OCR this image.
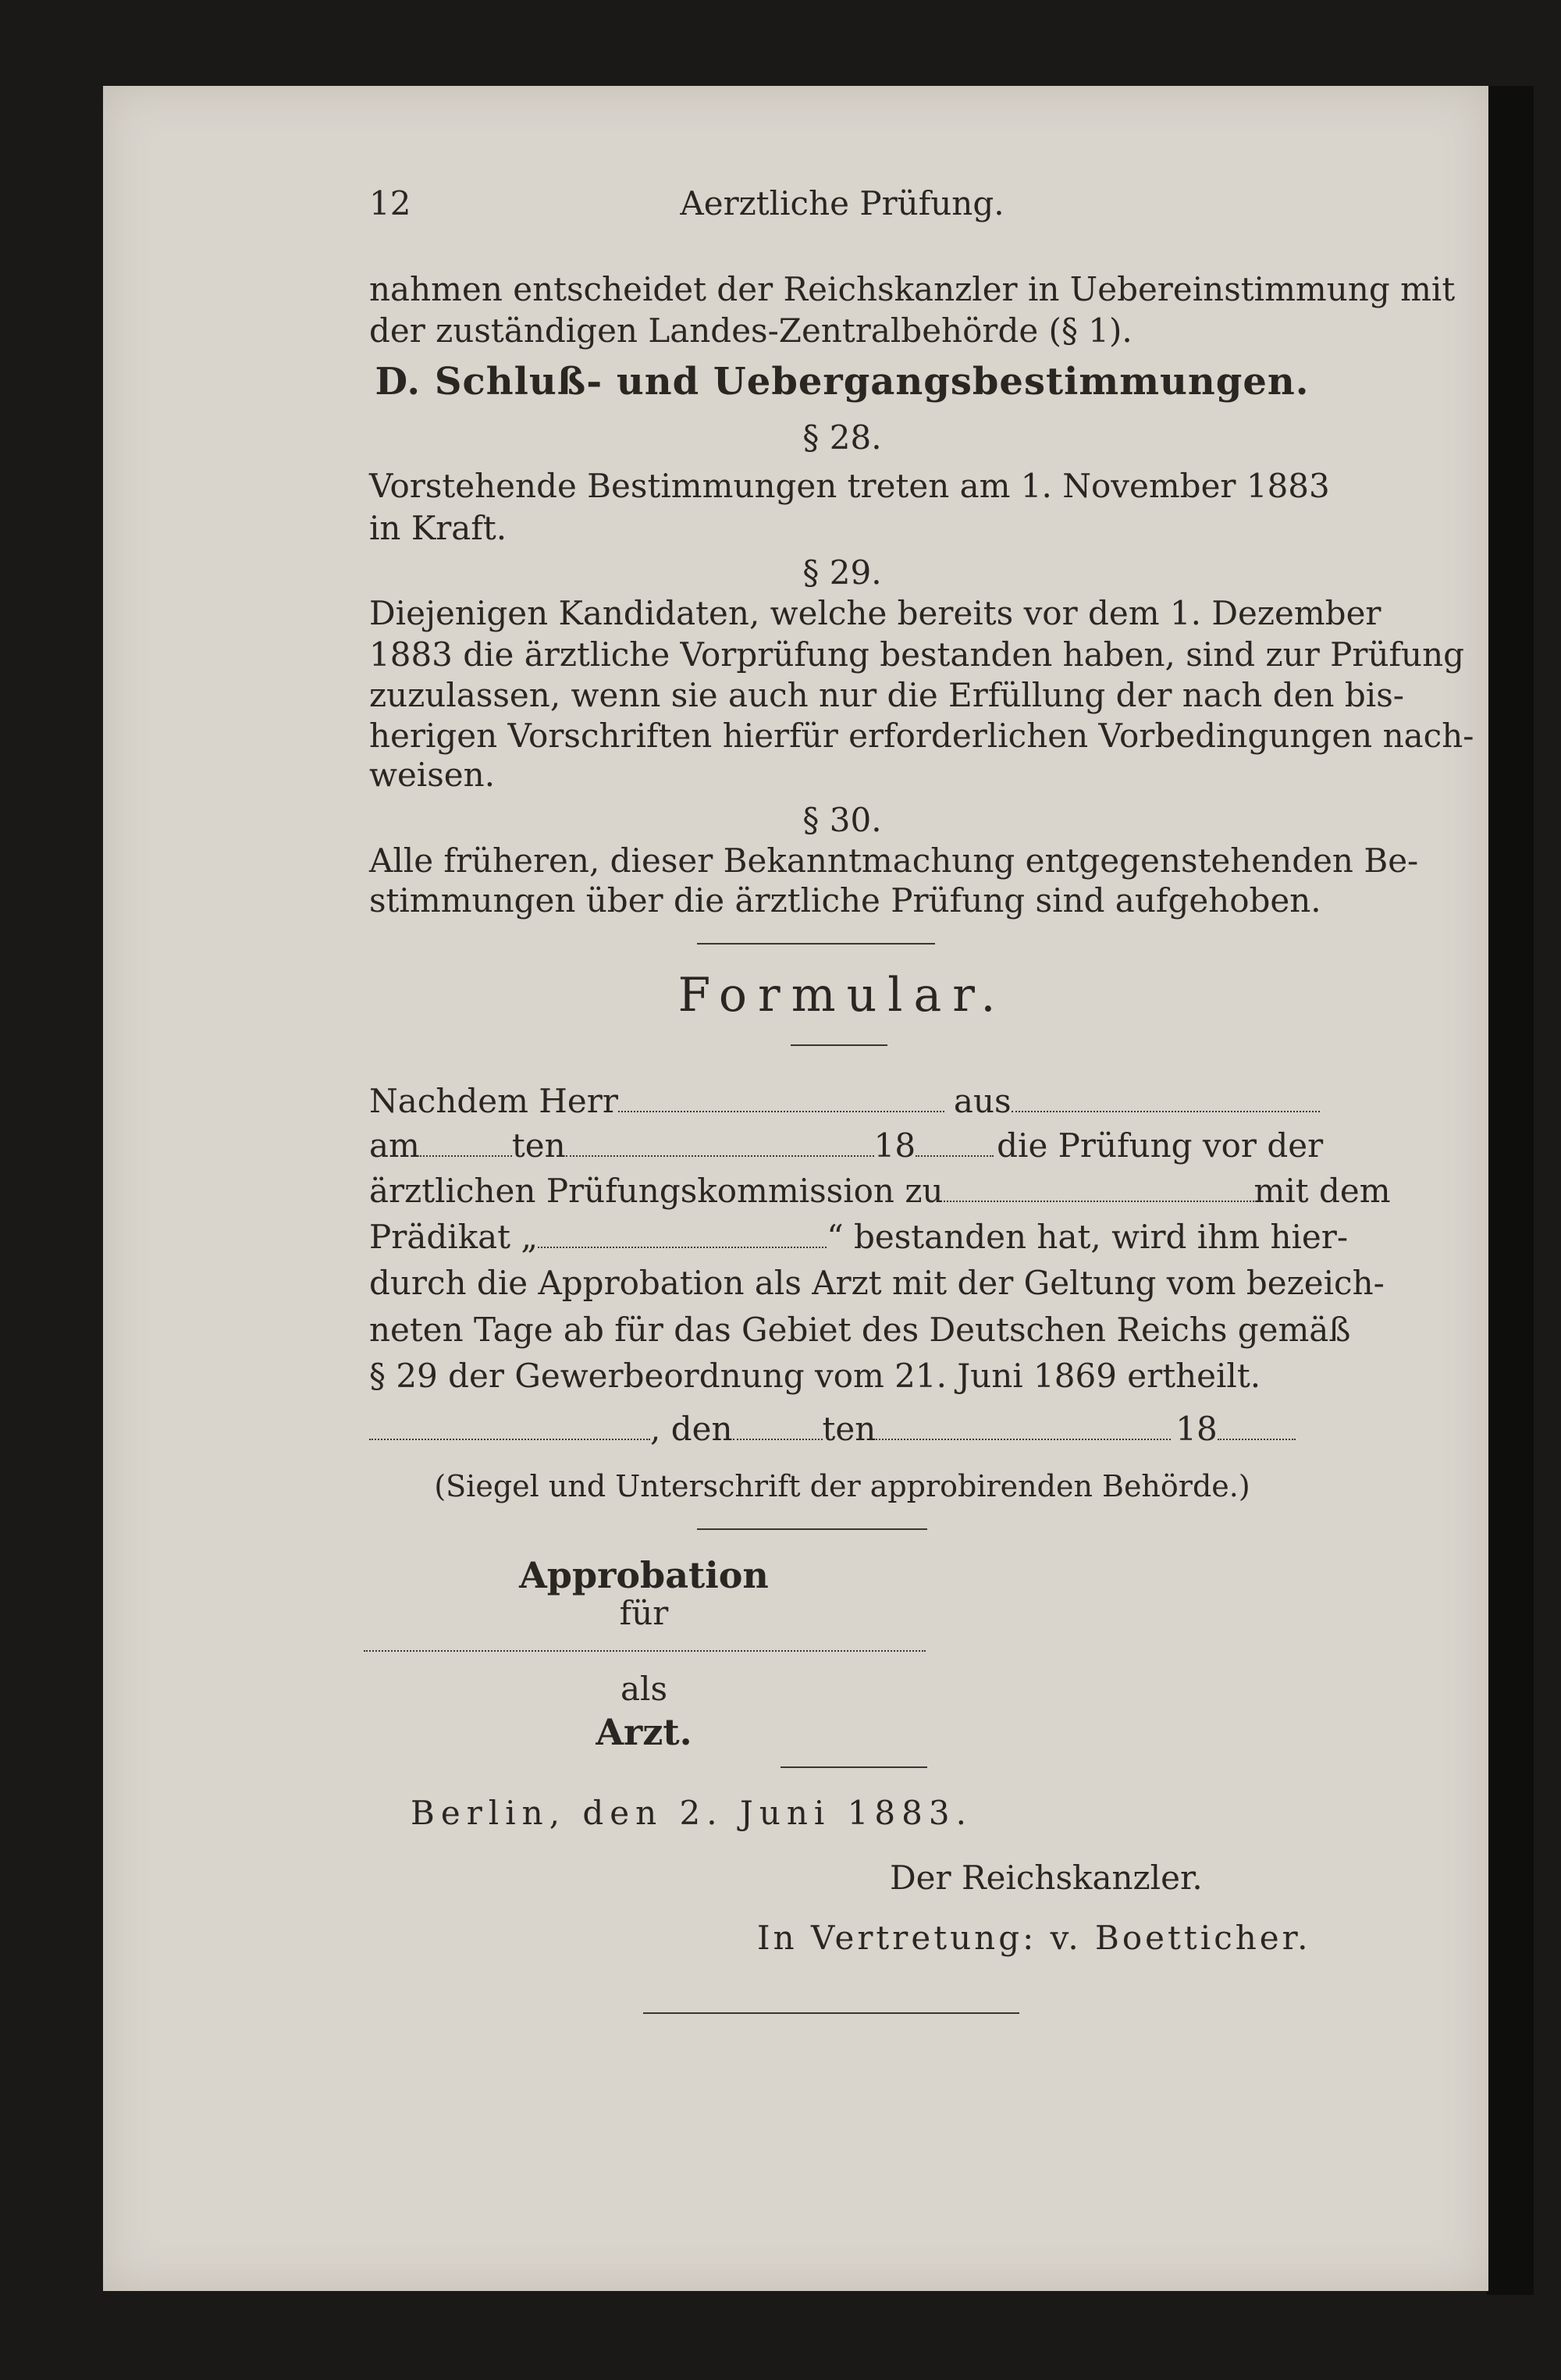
12	Aerztliche Prüfung.
nahmen entscheidet der Reichskanzler in Uebereinstimmung mit
der zuständigen Landes-Zentralbehörde (§ 1).
D. Schluß- und Uebergangsbestimmungen.
§ 28.
Vorstehende Bestimmungen treten am 1. November 1883
in Kraft.
§ 29.
Diejenigen Kandidaten, welche bereits vor dem 1. Dezember
1883 die ärztliche Vorprüfung bestanden haben, sind zur Prüfung
zuzulassen, wenn sie auch nur die Erfüllung der nach den bis-
herigen Vorschriften hierfür erforderlichen Vorbedingungen nach-
weisen.
§ 30.
Alle früheren, dieser Bekanntmachung entgegenstehenden Be-
stimmungen über die ärztliche Prüfung sind aufgehoben.
Formular.
Nachdem Herr	aus
am	ten	18 die Prüfung vor der
ärztlichen Prüfungskommission zu	mit dem
Prädikat „	“ bestanden hat, wird ihm hier-
durch die Approbation als Arzt mit der Geltung vom bezeich-
neten Tage ab für das Gebiet des Deutschen Reichs gemäß
§ 29 der Gewerbeordnung vom 21. Juni 1869 ertheilt.
, den	ten	18
(Siegel und Unterschrift der approbirenden Behörde.)
Approbation
für
als
Arzt.
Berlin, den 2. Juni 1883.
Der Reichskanzler.
In Vertretung: v. Boetticher.
